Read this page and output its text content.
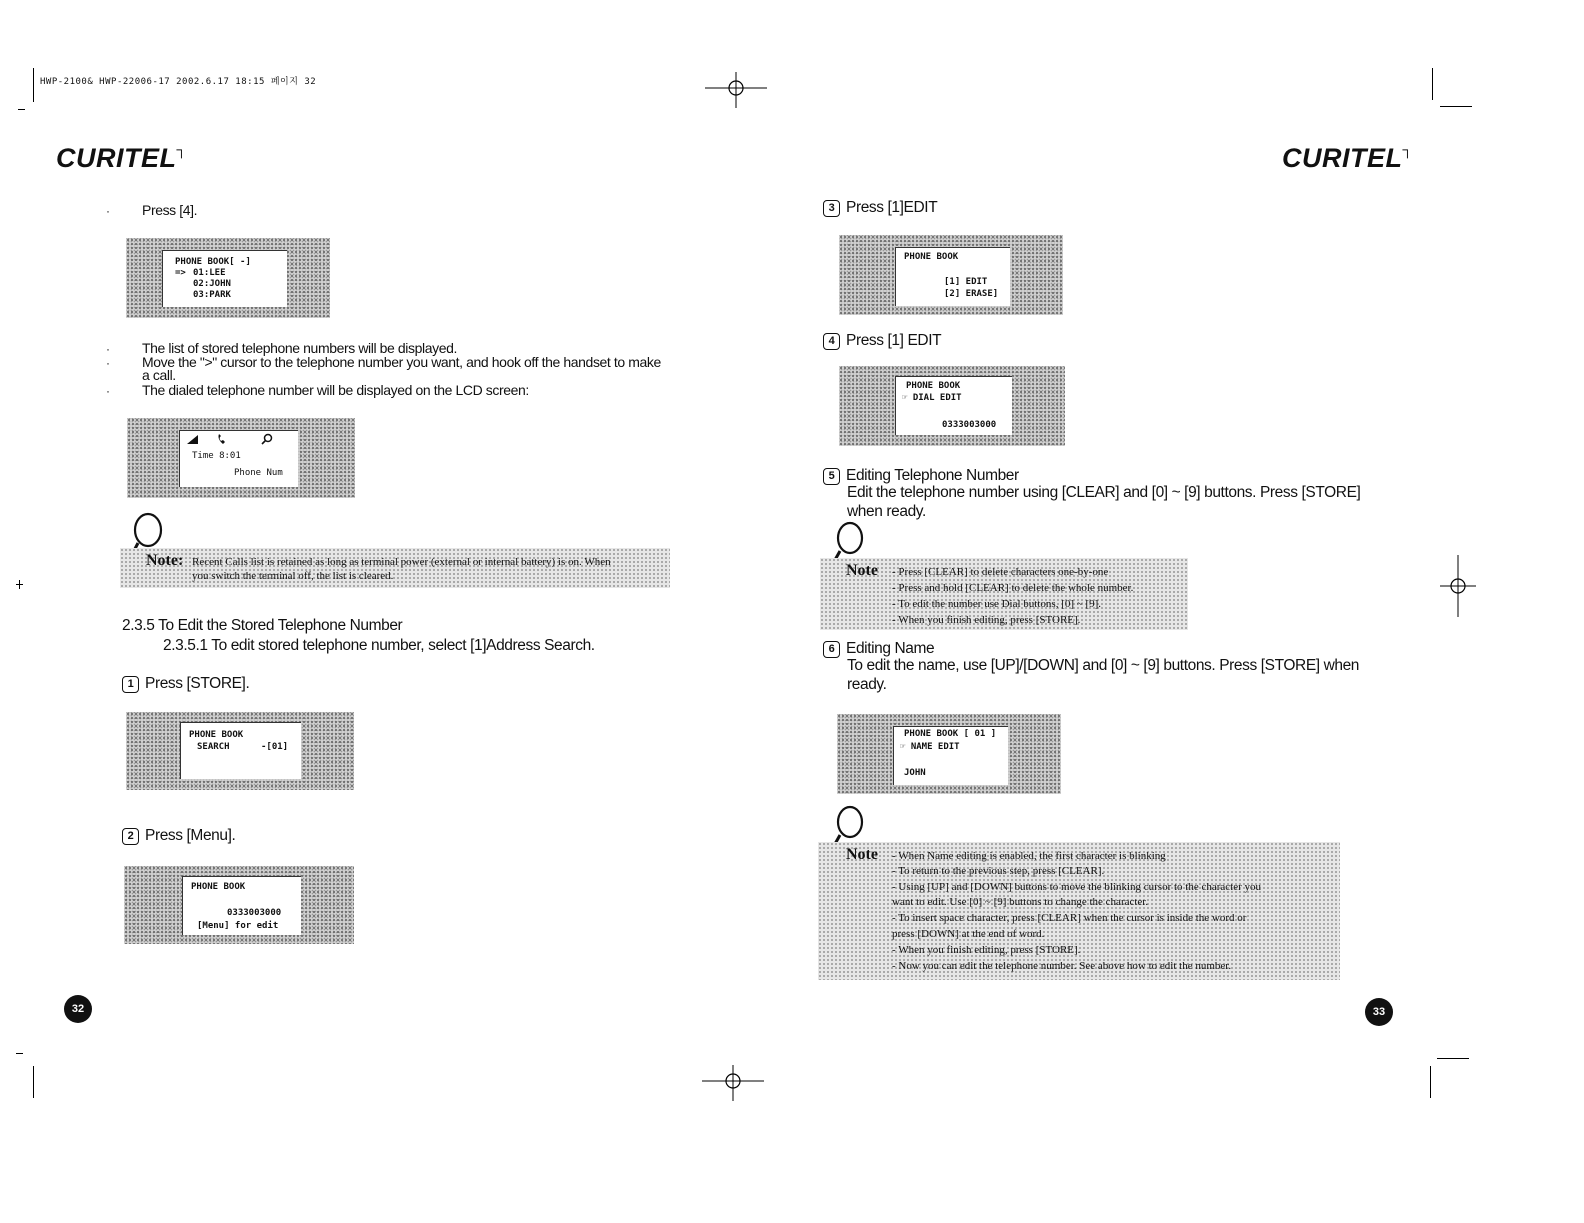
HWP-2100& HWP-22006-17 2002.6.17 18:15 페이지 32
CURITEL┐	CURITEL┐
· Press [4].
PHONE BOOK[ -]
=> 01:LEE
02:JOHN
03:PARK
· The list of stored telephone numbers will be displayed.
· Move the ">" cursor to the telephone number you want, and hook off the handset to make
a call.
· The dialed telephone number will be displayed on the LCD screen:
Time 8:01
Phone Num
Note: Recent Calls list is retained as long as terminal power (external or internal battery) is on. When
you switch the terminal off, the list is cleared.
2.3.5 To Edit the Stored Telephone Number
2.3.5.1 To edit stored telephone number, select [1]Address Search.
1 Press [STORE].
PHONE BOOK
SEARCH	-[01]
2 Press [Menu].
PHONE BOOK
0333003000
[Menu] for edit
32
3 Press [1]EDIT
PHONE BOOK
[1] EDIT
[2] ERASE]
4 Press [1] EDIT
PHONE BOOK
☞ DIAL EDIT
0333003000
5 Editing Telephone Number
Edit the telephone number using [CLEAR] and [0] ~ [9] buttons. Press [STORE]
when ready.
Note - Press [CLEAR] to delete characters one-by-one
- Press and hold [CLEAR] to delete the whole number.
- To edit the number use Dial buttons, [0] ~ [9].
- When you finish editing, press [STORE].
6 Editing Name
To edit the name, use [UP]/[DOWN] and [0] ~ [9] buttons. Press [STORE] when
ready.
PHONE BOOK [ 01 ]
☞ NAME EDIT
JOHN
Note - When Name editing is enabled, the first character is blinking
- To return to the previous step, press [CLEAR].
- Using [UP] and [DOWN] buttons to move the blinking cursor to the character you
want to edit. Use [0] ~ [9] buttons to change the character.
- To insert space character, press [CLEAR] when the cursor is inside the word or
press [DOWN] at the end of word.
- When you finish editing, press [STORE].
- Now you can edit the telephone number. See above how to edit the number.
33
